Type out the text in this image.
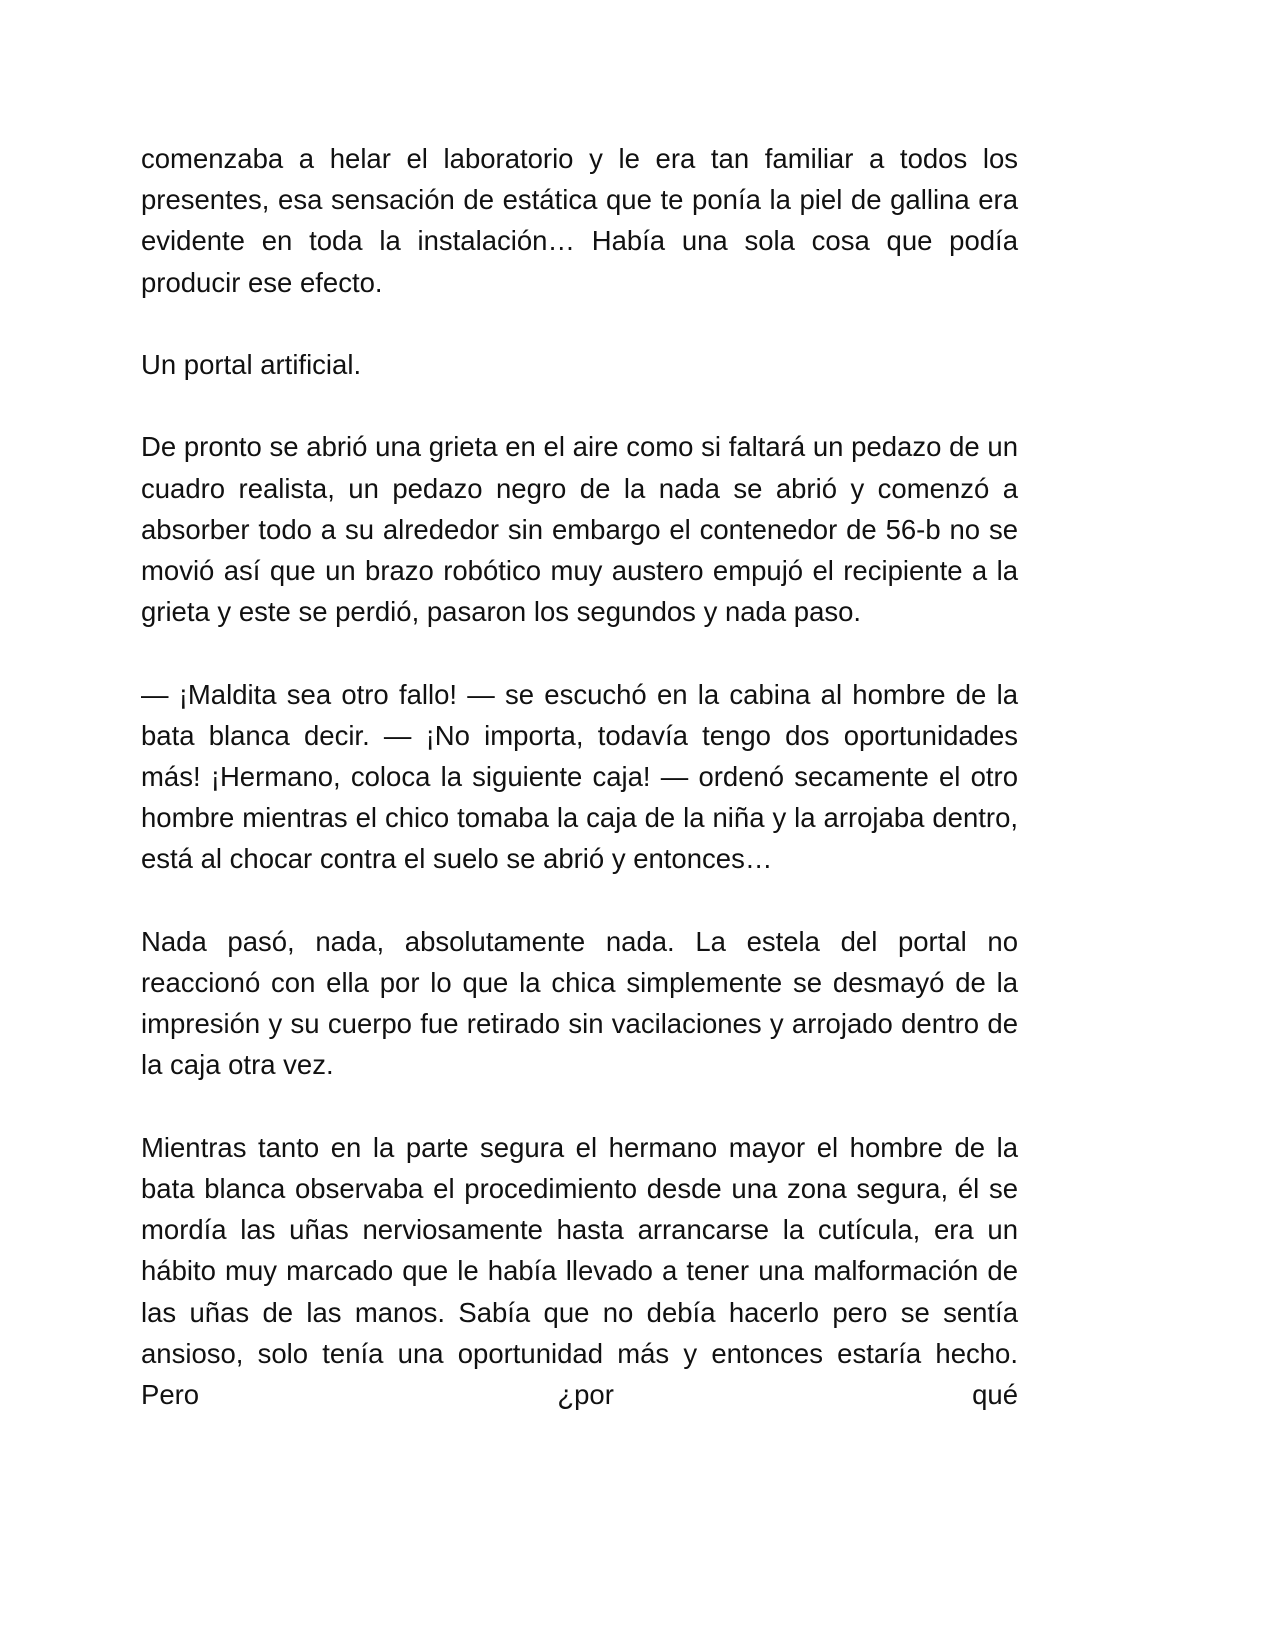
comenzaba a helar el laboratorio y le era tan familiar a todos los presentes, esa sensación de estática que te ponía la piel de gallina era evidente en toda la instalación… Había una sola cosa que podía producir ese efecto.

Un portal artificial.

De pronto se abrió una grieta en el aire como si faltará un pedazo de un cuadro realista, un pedazo negro de la nada se abrió y comenzó a absorber todo a su alrededor sin embargo el contenedor de 56-b no se movió así que un brazo robótico muy austero empujó el recipiente a la grieta y este se perdió, pasaron los segundos y nada paso.

— ¡Maldita sea otro fallo! — se escuchó en la cabina al hombre de la bata blanca decir. — ¡No importa, todavía tengo dos oportunidades más! ¡Hermano, coloca la siguiente caja! — ordenó secamente el otro hombre mientras el chico tomaba la caja de la niña y la arrojaba dentro, está al chocar contra el suelo se abrió y entonces…

Nada pasó, nada, absolutamente nada. La estela del portal no reaccionó con ella por lo que la chica simplemente se desmayó de la impresión y su cuerpo fue retirado sin vacilaciones y arrojado dentro de la caja otra vez.

Mientras tanto en la parte segura el hermano mayor el hombre de la bata blanca observaba el procedimiento desde una zona segura, él se mordía las uñas nerviosamente hasta arrancarse la cutícula, era un hábito muy marcado que le había llevado a tener una malformación de las uñas de las manos. Sabía que no debía hacerlo pero se sentía ansioso, solo tenía una oportunidad más y entonces estaría hecho. Pero ¿por qué
